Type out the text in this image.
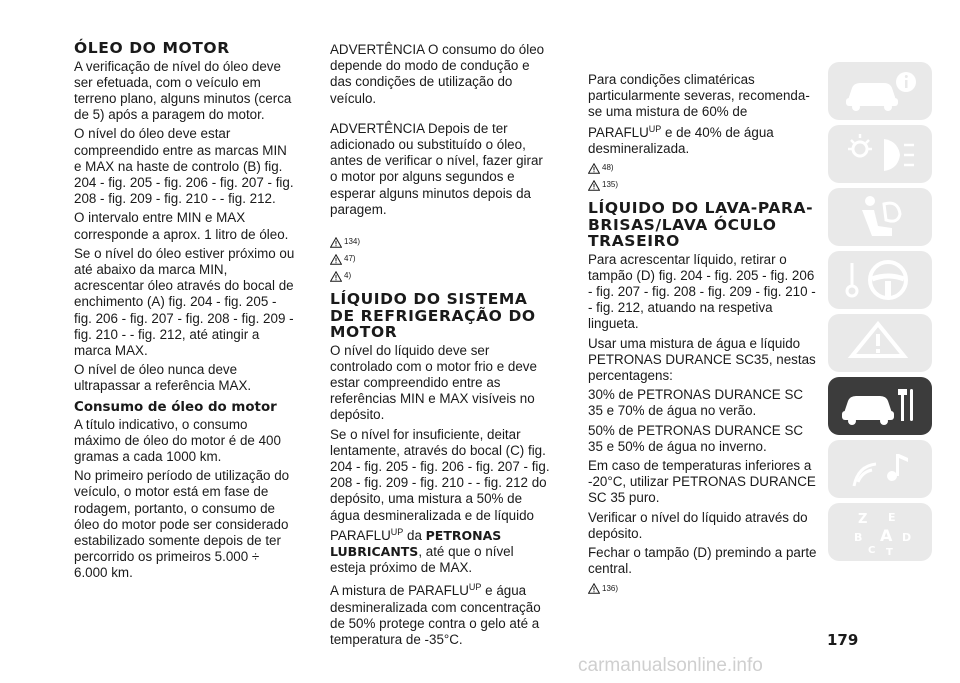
ÓLEO DO MOTOR

A verificação de nível do óleo deve ser efetuada, com o veículo em terreno plano, alguns minutos (cerca de 5) após a paragem do motor.

O nível do óleo deve estar compreendido entre as marcas MIN e MAX na haste de controlo (B) fig. 204 - fig. 205 - fig. 206 - fig. 207 - fig. 208 - fig. 209 - fig. 210 - - fig. 212.

O intervalo entre MIN e MAX corresponde a aprox. 1 litro de óleo.

Se o nível do óleo estiver próximo ou até abaixo da marca MIN, acrescentar óleo através do bocal de enchimento (A) fig. 204 - fig. 205 - fig. 206 - fig. 207 - fig. 208 - fig. 209 - fig. 210 - - fig. 212, até atingir a marca MAX.

O nível de óleo nunca deve ultrapassar a referência MAX.

Consumo de óleo do motor

A título indicativo, o consumo máximo de óleo do motor é de 400 gramas a cada 1000 km.

No primeiro período de utilização do veículo, o motor está em fase de rodagem, portanto, o consumo de óleo do motor pode ser considerado estabilizado somente depois de ter percorrido os primeiros 5.000 ÷ 6.000 km.

ADVERTÊNCIA O consumo do óleo depende do modo de condução e das condições de utilização do veículo.

ADVERTÊNCIA Depois de ter adicionado ou substituído o óleo, antes de verificar o nível, fazer girar o motor por alguns segundos e esperar alguns minutos depois da paragem.

134)
47)
4)
LÍQUIDO DO SISTEMA DE REFRIGERAÇÃO DO MOTOR

O nível do líquido deve ser controlado com o motor frio e deve estar compreendido entre as referências MIN e MAX visíveis no depósito.

Se o nível for insuficiente, deitar lentamente, através do bocal (C) fig. 204 - fig. 205 - fig. 206 - fig. 207 - fig. 208 - fig. 209 - fig. 210 - - fig. 212 do depósito, uma mistura a 50% de água desmineralizada e de líquido $PARAFLU^{UP}$ da PETRONAS LUBRICANTS, até que o nível esteja próximo de MAX.

A mistura de $PARAFLU^{UP}$ e água desmineralizada com concentração de 50% protege contra o gelo até a temperatura de -35°C.

Para condições climatéricas particularmente severas, recomenda-se uma mistura de 60% de $PARAFLU^{UP}$ e de 40% de água desmineralizada.

48)
135)
LÍQUIDO DO LAVA-PARA-BRISAS/LAVA ÓCULO TRASEIRO

Para acrescentar líquido, retirar o tampão (D) fig. 204 - fig. 205 - fig. 206 - fig. 207 - fig. 208 - fig. 209 - fig. 210 - - fig. 212, atuando na respetiva lingueta.

Usar uma mistura de água e líquido PETRONAS DURANCE SC35, nestas percentagens:

30% de PETRONAS DURANCE SC 35 e 70% de água no verão.

50% de PETRONAS DURANCE SC 35 e 50% de água no inverno.

Em caso de temperaturas inferiores a -20°C, utilizar PETRONAS DURANCE SC 35 puro.

Verificar o nível do líquido através do depósito.

Fechar o tampão (D) premindo a parte central.

136)
Z E
B A D
C T
179
carmanualsonline.info
